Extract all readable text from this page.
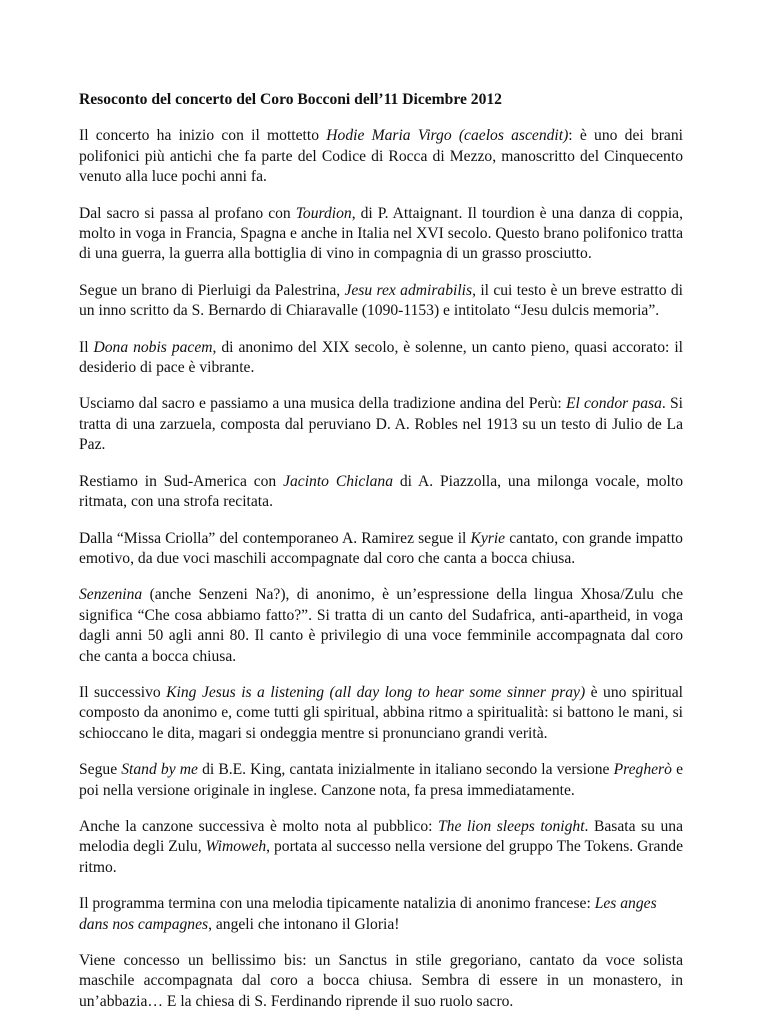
Resoconto del concerto del Coro Bocconi dell’11 Dicembre 2012

Il concerto ha inizio con il mottetto Hodie Maria Virgo (caelos ascendit): è uno dei brani polifonici più antichi che fa parte del Codice di Rocca di Mezzo, manoscritto del Cinquecento venuto alla luce pochi anni fa.

Dal sacro si passa al profano con Tourdion, di P. Attaignant. Il tourdion è una danza di coppia, molto in voga in Francia, Spagna e anche in Italia nel XVI secolo. Questo brano polifonico tratta di una guerra, la guerra alla bottiglia di vino in compagnia di un grasso prosciutto.

Segue un brano di Pierluigi da Palestrina, Jesu rex admirabilis, il cui testo è un breve estratto di un inno scritto da S. Bernardo di Chiaravalle (1090-1153) e intitolato “Jesu dulcis memoria”.

Il Dona nobis pacem, di anonimo del XIX secolo, è solenne, un canto pieno, quasi accorato: il desiderio di pace è vibrante.

Usciamo dal sacro e passiamo a una musica della tradizione andina del Perù: El condor pasa. Si tratta di una zarzuela, composta dal peruviano D. A. Robles nel 1913 su un testo di Julio de La Paz.

Restiamo in Sud-America con Jacinto Chiclana di A. Piazzolla, una milonga vocale, molto ritmata, con una strofa recitata.

Dalla “Missa Criolla” del contemporaneo A. Ramirez segue il Kyrie cantato, con grande impatto emotivo, da due voci maschili accompagnate dal coro che canta a bocca chiusa.

Senzenina (anche Senzeni Na?), di anonimo, è un’espressione della lingua Xhosa/Zulu che significa “Che cosa abbiamo fatto?”. Si tratta di un canto del Sudafrica, anti-apartheid, in voga dagli anni 50 agli anni 80. Il canto è privilegio di una voce femminile accompagnata dal coro che canta a bocca chiusa.

Il successivo King Jesus is a listening (all day long to hear some sinner pray) è uno spiritual composto da anonimo e, come tutti gli spiritual, abbina ritmo a spiritualità: si battono le mani, si schioccano le dita, magari si ondeggia mentre si pronunciano grandi verità.

Segue Stand by me di B.E. King, cantata inizialmente in italiano secondo la versione Pregherò e poi nella versione originale in inglese. Canzone nota, fa presa immediatamente.

Anche la canzone successiva è molto nota al pubblico: The lion sleeps tonight. Basata su una melodia degli Zulu, Wimoweh, portata al successo nella versione del gruppo The Tokens. Grande ritmo.

Il programma termina con una melodia tipicamente natalizia di anonimo francese: Les anges dans nos campagnes, angeli che intonano il Gloria!

Viene concesso un bellissimo bis: un Sanctus in stile gregoriano, cantato da voce solista maschile accompagnata dal coro a bocca chiusa. Sembra di essere in un monastero, in un’abbazia… E la chiesa di S. Ferdinando riprende il suo ruolo sacro.
